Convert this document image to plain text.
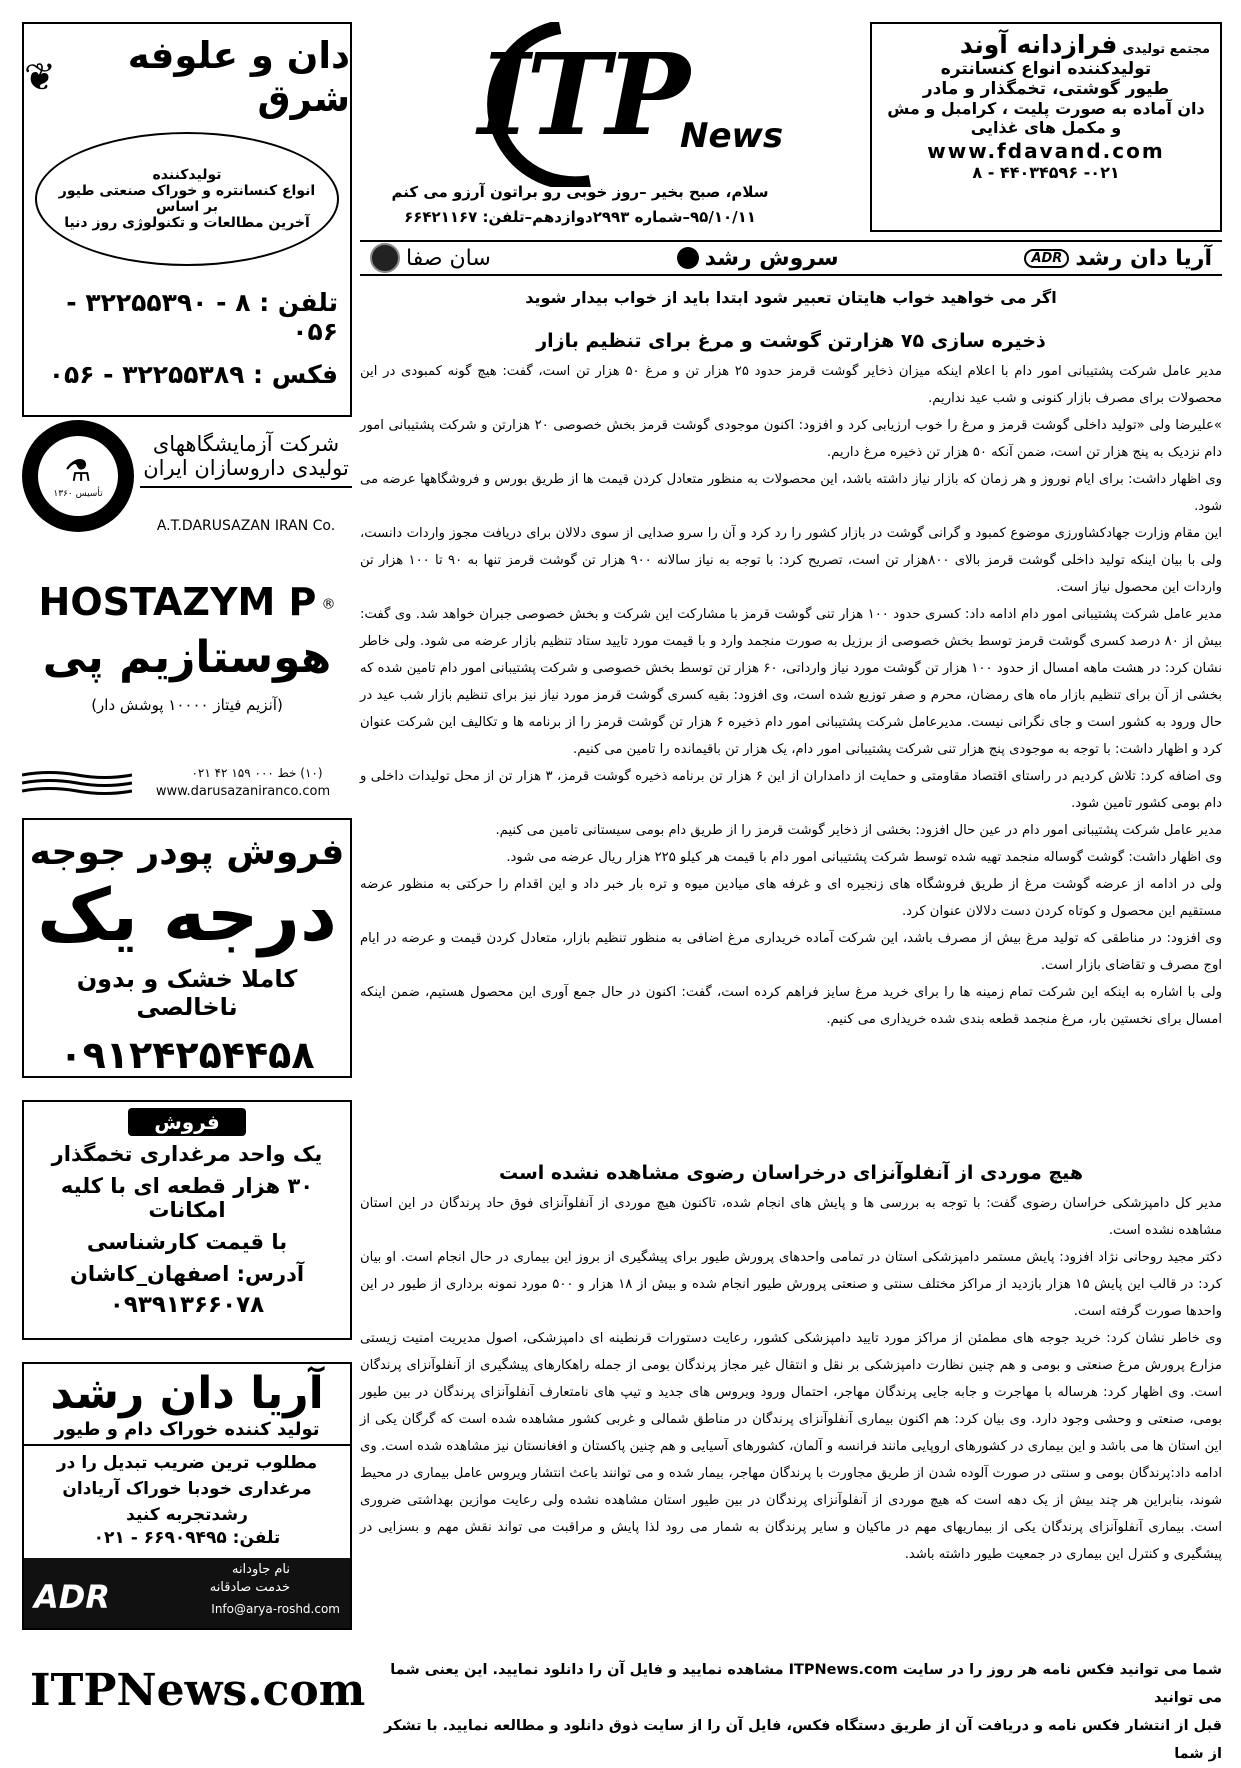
ITP
News
سلام، صبح بخیر –روز خوبی رو براتون آرزو می کنم
۹۵/۱۰/۱۱–شماره ۲۹۹۳دوازدهم–تلفن: ۶۶۴۲۱۱۶۷
مجتمع تولیدی فرازدانه آوند
تولیدکننده انواع کنسانتره
طیور گوشتی، تخمگذار و مادر
دان آماده به صورت پلیت ، کرامبل و مش
و مکمل های غذایی
www.fdavand.com
۰۲۱- ۴۴۰۳۴۵۹۶ - ۸
آریا دان رشد
ADR
سروش رشد
سان صفا
اگر می خواهید خواب هایتان تعبیر شود ابتدا باید از خواب بیدار شوید
ذخیره سازی ۷۵ هزارتن گوشت و مرغ برای تنظیم بازار

مدیر عامل شرکت پشتیبانی امور دام با اعلام اینکه میزان ذخایر گوشت قرمز حدود ۲۵ هزار تن و مرغ ۵۰ هزار تن است، گفت: هیچ گونه کمبودی در این محصولات برای مصرف بازار کنونی و شب عید نداریم.

»علیرضا ولی «تولید داخلی گوشت قرمز و مرغ را خوب ارزیابی کرد و افزود: اکنون موجودی گوشت قرمز بخش خصوصی ۲۰ هزارتن و شرکت پشتیبانی امور دام نزدیک به پنج هزار تن است، ضمن آنکه ۵۰ هزار تن ذخیره مرغ داریم.

وی اظهار داشت: برای ایام نوروز و هر زمان که بازار نیاز داشته باشد، این محصولات به منظور متعادل کردن قیمت ها از طریق بورس و فروشگاهها عرضه می شود.

این مقام وزارت جهادکشاورزی موضوع کمبود و گرانی گوشت در بازار کشور را رد کرد و آن را سرو صدایی از سوی دلالان برای دریافت مجوز واردات دانست، ولی با بیان اینکه تولید داخلی گوشت قرمز بالای ۸۰۰هزار تن است، تصریح کرد: با توجه به نیاز سالانه ۹۰۰ هزار تن گوشت قرمز تنها به ۹۰ تا ۱۰۰ هزار تن واردات این محصول نیاز است.

مدیر عامل شرکت پشتیبانی امور دام ادامه داد: کسری حدود ۱۰۰ هزار تنی گوشت قرمز با مشارکت این شرکت و بخش خصوصی جبران خواهد شد. وی گفت: بیش از ۸۰ درصد کسری گوشت قرمز توسط بخش خصوصی از برزیل به صورت منجمد وارد و با قیمت مورد تایید ستاد تنظیم بازار عرضه می شود. ولی خاطر نشان کرد: در هشت ماهه امسال از حدود ۱۰۰ هزار تن گوشت مورد نیاز وارداتی، ۶۰ هزار تن توسط بخش خصوصی و شرکت پشتیبانی امور دام تامین شده که بخشی از آن برای تنظیم بازار ماه های رمضان، محرم و صفر توزیع شده است، وی افزود: بقیه کسری گوشت قرمز مورد نیاز نیز برای تنظیم بازار شب عید در حال ورود به کشور است و جای نگرانی نیست. مدیرعامل شرکت پشتیبانی امور دام ذخیره ۶ هزار تن گوشت قرمز را از برنامه ها و تکالیف این شرکت عنوان کرد و اظهار داشت: با توجه به موجودی پنج هزار تنی شرکت پشتیبانی امور دام، یک هزار تن باقیمانده را تامین می کنیم.

وی اضافه کرد: تلاش کردیم در راستای اقتصاد مقاومتی و حمایت از دامداران از این ۶ هزار تن برنامه ذخیره گوشت قرمز، ۳ هزار تن از محل تولیدات داخلی و دام بومی کشور تامین شود.

مدیر عامل شرکت پشتیبانی امور دام در عین حال افزود: بخشی از ذخایر گوشت قرمز را از طریق دام بومی سیستانی تامین می کنیم.

وی اظهار داشت: گوشت گوساله منجمد تهیه شده توسط شرکت پشتیبانی امور دام با قیمت هر کیلو ۲۲۵ هزار ریال عرضه می شود.

ولی در ادامه از عرضه گوشت مرغ از طریق فروشگاه های زنجیره ای و غرفه های میادین میوه و تره بار خبر داد و این اقدام را حرکتی به منظور عرضه مستقیم این محصول و کوتاه کردن دست دلالان عنوان کرد.

وی افزود: در مناطقی که تولید مرغ بیش از مصرف باشد، این شرکت آماده خریداری مرغ اضافی به منظور تنظیم بازار، متعادل کردن قیمت و عرضه در ایام اوج مصرف و تقاضای بازار است.

ولی با اشاره به اینکه این شرکت تمام زمینه ها را برای خرید مرغ سایز فراهم کرده است، گفت: اکنون در حال جمع آوری این محصول هستیم، ضمن اینکه امسال برای نخستین بار، مرغ منجمد قطعه بندی شده خریداری می کنیم.

هیچ موردی از آنفلوآنزای درخراسان رضوی مشاهده نشده است

مدیر کل دامپزشکی خراسان رضوی گفت: با توجه به بررسی ها و پایش های انجام شده، تاکنون هیچ موردی از آنفلوآنزای فوق حاد پرندگان در این استان مشاهده نشده است.

دکتر مجید روحانی نژاد افزود: پایش مستمر دامپزشکی استان در تمامی واحدهای پرورش طیور برای پیشگیری از بروز این بیماری در حال انجام است. او بیان کرد: در قالب این پایش ۱۵ هزار بازدید از مراکز مختلف سنتی و صنعتی پرورش طیور انجام شده و بیش از ۱۸ هزار و ۵۰۰ مورد نمونه برداری از طیور در این واحدها صورت گرفته است.

وی خاطر نشان کرد: خرید جوجه های مطمئن از مراکز مورد تایید دامپزشکی کشور، رعایت دستورات قرنطینه ای دامپزشکی، اصول مدیریت امنیت زیستی مزارع پرورش مرغ صنعتی و بومی و هم چنین نظارت دامپزشکی بر نقل و انتقال غیر مجاز پرندگان بومی از جمله راهکارهای پیشگیری از آنفلوآنزای پرندگان است. وی اظهار کرد: هرساله با مهاجرت و جابه جایی پرندگان مهاجر، احتمال ورود ویروس های جدید و تیپ های نامتعارف آنفلوآنزای پرندگان در بین طیور بومی، صنعتی و وحشی وجود دارد. وی بیان کرد: هم اکنون بیماری آنفلوآنزای پرندگان در مناطق شمالی و غربی کشور مشاهده شده است که گرگان یکی از این استان ها می باشد و این بیماری در کشورهای اروپایی مانند فرانسه و آلمان، کشورهای آسیایی و هم چنین پاکستان و افغانستان نیز مشاهده شده است. وی ادامه داد:پرندگان بومی و سنتی در صورت آلوده شدن از طریق مجاورت با پرندگان مهاجر، بیمار شده و می توانند باعث انتشار ویروس عامل بیماری در محیط شوند، بنابراین هر چند بیش از یک دهه است که هیچ موردی از آنفلوآنزای پرندگان در بین طیور استان مشاهده نشده ولی رعایت موازین بهداشتی ضروری است. بیماری آنفلوآنزای پرندگان یکی از بیماریهای مهم در ماکیان و سایر پرندگان به شمار می رود لذا پایش و مراقبت می تواند نقش مهم و بسزایی در پیشگیری و کنترل این بیماری در جمعیت طیور داشته باشد.

دان و علوفه شرق
❦
تولیدکننده
انواع کنسانتره و خوراک صنعتی طیور
بر اساس
آخرین مطالعات و تکنولوژی روز دنیا
تلفن : ۸ - ۳۲۲۵۵۳۹۰ - ۰۵۶
فکس : ۳۲۲۵۵۳۸۹ - ۰۵۶
⚗
تأسیس ۱۳۶۰
شرکت آزمایشگاههای
تولیدی داروسازان ایران
A.T.DARUSAZAN IRAN Co.
HOSTAZYM P ®
هوستازیم پی
(آنزیم فیتاز ۱۰۰۰۰ پوشش دار)
(۱۰) خط ۰۰۰ ۱۵۹ ۴۲ ۰۲۱
www.darusazaniranco.com
فروش پودر جوجه
درجه یک
کاملا خشک و بدون ناخالصی
۰۹۱۲۴۲۵۴۴۵۸
فروش
یک واحد مرغداری تخمگذار
۳۰ هزار قطعه ای با کلیه امکانات
با قیمت کارشناسی
آدرس: اصفهان_کاشان
۰۹۳۹۱۳۶۶۰۷۸
آریا دان رشد
تولید کننده خوراک دام و طیور
مطلوب ترین ضریب تبدیل را در مرغداری خودبا خوراک آریادان رشدتجربه کنید
تلفن: ۶۶۹۰۹۴۹۵ - ۰۲۱
ADR
نام جاودانه
خدمت صادقانه
Info@arya-roshd.com
ITPNews.com	شما می توانید فکس نامه هر روز را در سایت ITPNews.com مشاهده نمایید و فایل آن را دانلود نمایید. این یعنی شما می توانید
قبل از انتشار فکس نامه و دریافت آن از طریق دستگاه فکس، فایل آن را از سایت ذوق دانلود و مطالعه نمایید. با تشکر از شما
